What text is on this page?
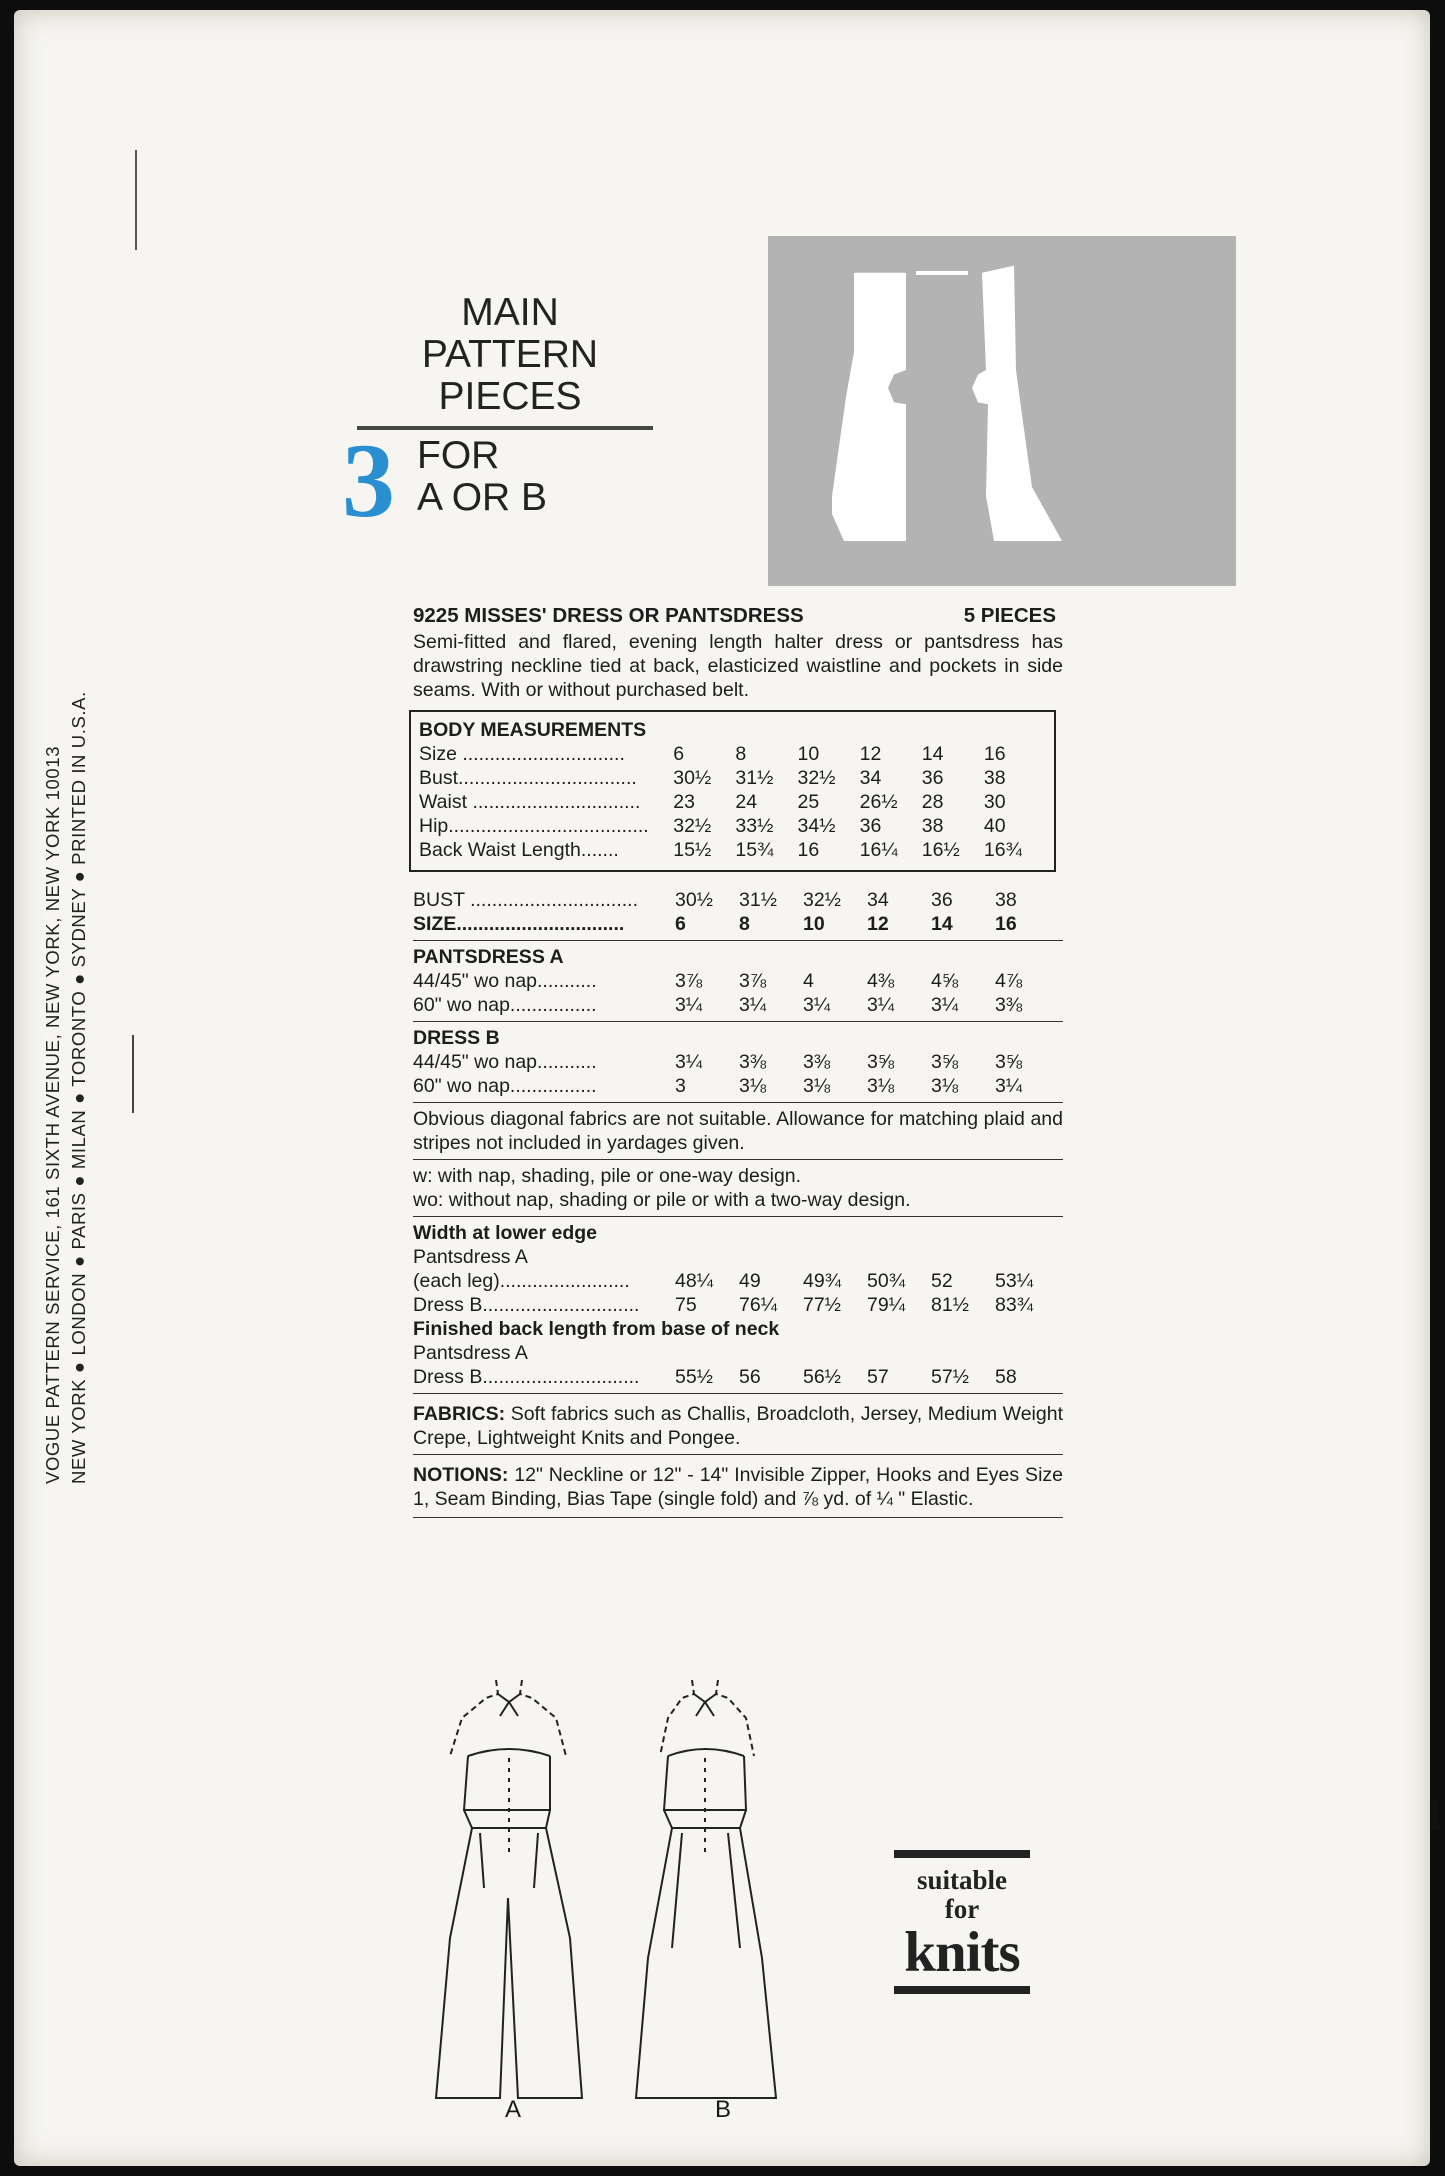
VOGUE PATTERN SERVICE, 161 SIXTH AVENUE, NEW YORK, NEW YORK 10013 NEW YORK ● LONDON ● PARIS ● MILAN ● TORONTO ● SYDNEY ● PRINTED IN U.S.A.
MAIN
PATTERN
PIECES
3 FOR
A OR B
9225 MISSES' DRESS OR PANTSDRESS	5 PIECES
Semi-fitted and flared, evening length halter dress or pantsdress has drawstring neckline tied at back, elasticized waistline and pockets in side seams. With or without purchased belt.
BODY MEASUREMENTS
Size ..............................	6	8	10	12	14	16
Bust.................................	30½	31½	32½	34	36	38
Waist ...............................	23	24	25	26½	28	30
Hip.....................................	32½	33½	34½	36	38	40
Back Waist Length.......	15½	15¾	16	16¼	16½	16¾
BUST ...............................	30½	31½	32½	34	36	38
SIZE...............................	6	8	10	12	14	16
PANTSDRESS A
44/45" wo nap...........	3⅞	3⅞	4	4⅜	4⅝	4⅞
60" wo nap................	3¼	3¼	3¼	3¼	3¼	3⅜
DRESS B
44/45" wo nap...........	3¼	3⅜	3⅜	3⅝	3⅝	3⅝
60" wo nap................	3	3⅛	3⅛	3⅛	3⅛	3¼
Obvious diagonal fabrics are not suitable. Allowance for matching plaid and stripes not included in yardages given.
w: with nap, shading, pile or one-way design.
wo: without nap, shading or pile or with a two-way design.
Width at lower edge
Pantsdress A
(each leg)........................	48¼	49	49¾	50¾	52	53¼
Dress B.............................	75	76¼	77½	79¼	81½	83¾
Finished back length from base of neck
Pantsdress A
Dress B.............................	55½	56	56½	57	57½	58
FABRICS: Soft fabrics such as Challis, Broadcloth, Jersey, Medium Weight Crepe, Lightweight Knits and Pongee.
NOTIONS: 12" Neckline or 12" - 14" Invisible Zipper, Hooks and Eyes Size 1, Seam Binding, Bias Tape (single fold) and ⅞ yd. of ¼ " Elastic.
A	B
suitable
for
knits
